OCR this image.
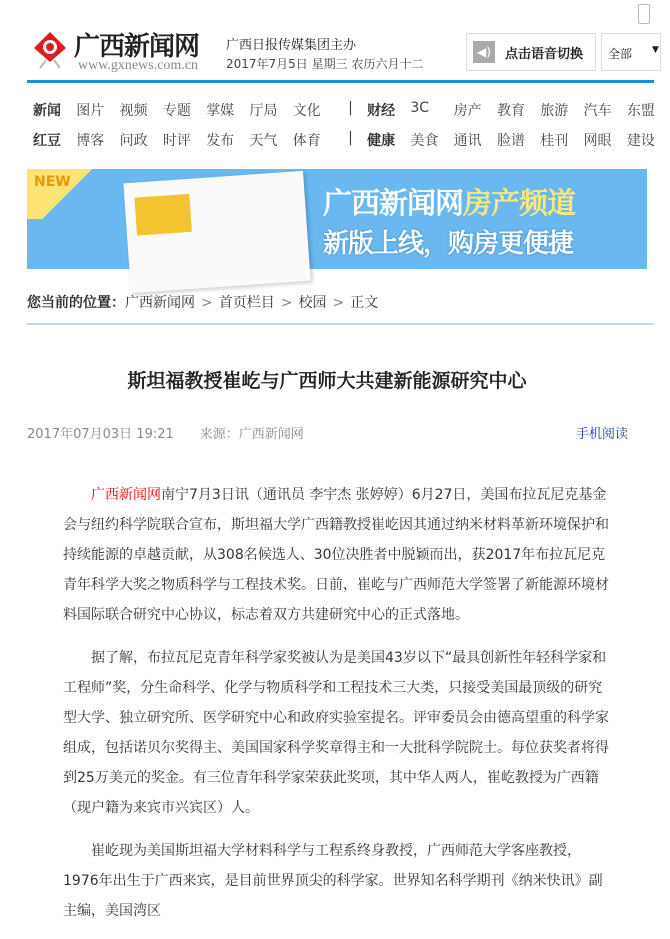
广西新闻网
www.gxnews.com.cn
广西日报传媒集团主办
2017年7月5日 星期三 农历六月十二
◀)	点击语音切换	全部 ▼
新闻	图片	视频	专题	掌媒	厅局	文化	|	财经	3C	房产	教育	旅游	汽车	东盟
红豆	博客	问政	时评	发布	天气	体育	|	健康	美食	通讯	脸谱	桂刊	网眼	建设
NEW
广西新闻网房产频道
新版上线，购房更便捷
您当前的位置：广西新闻网 > 首页栏目 > 校园 > 正文
斯坦福教授崔屹与广西师大共建新能源研究中心
2017年07月03日 19:21 来源：广西新闻网	手机阅读

  广西新闻网南宁7月3日讯（通讯员 李宇杰 张婷婷）6月27日，美国布拉瓦尼克基金会与纽约科学院联合宣布，斯坦福大学广西籍教授崔屹因其通过纳米材料革新环境保护和持续能源的卓越贡献，从308名候选人、30位决胜者中脱颖而出，获2017年布拉瓦尼克青年科学大奖之物质科学与工程技术奖。日前，崔屹与广西师范大学签署了新能源环境材料国际联合研究中心协议，标志着双方共建研究中心的正式落地。

  据了解，布拉瓦尼克青年科学家奖被认为是美国43岁以下“最具创新性年轻科学家和工程师”奖，分生命科学、化学与物质科学和工程技术三大类，只接受美国最顶级的研究型大学、独立研究所、医学研究中心和政府实验室提名。评审委员会由德高望重的科学家组成，包括诺贝尔奖得主、美国国家科学奖章得主和一大批科学院院士。每位获奖者将得到25万美元的奖金。有三位青年科学家荣获此奖项，其中华人两人，崔屹教授为广西籍（现户籍为来宾市兴宾区）人。

  崔屹现为美国斯坦福大学材料科学与工程系终身教授，广西师范大学客座教授，1976年出生于广西来宾，是目前世界顶尖的科学家。世界知名科学期刊《纳米快讯》副主编，美国湾区
